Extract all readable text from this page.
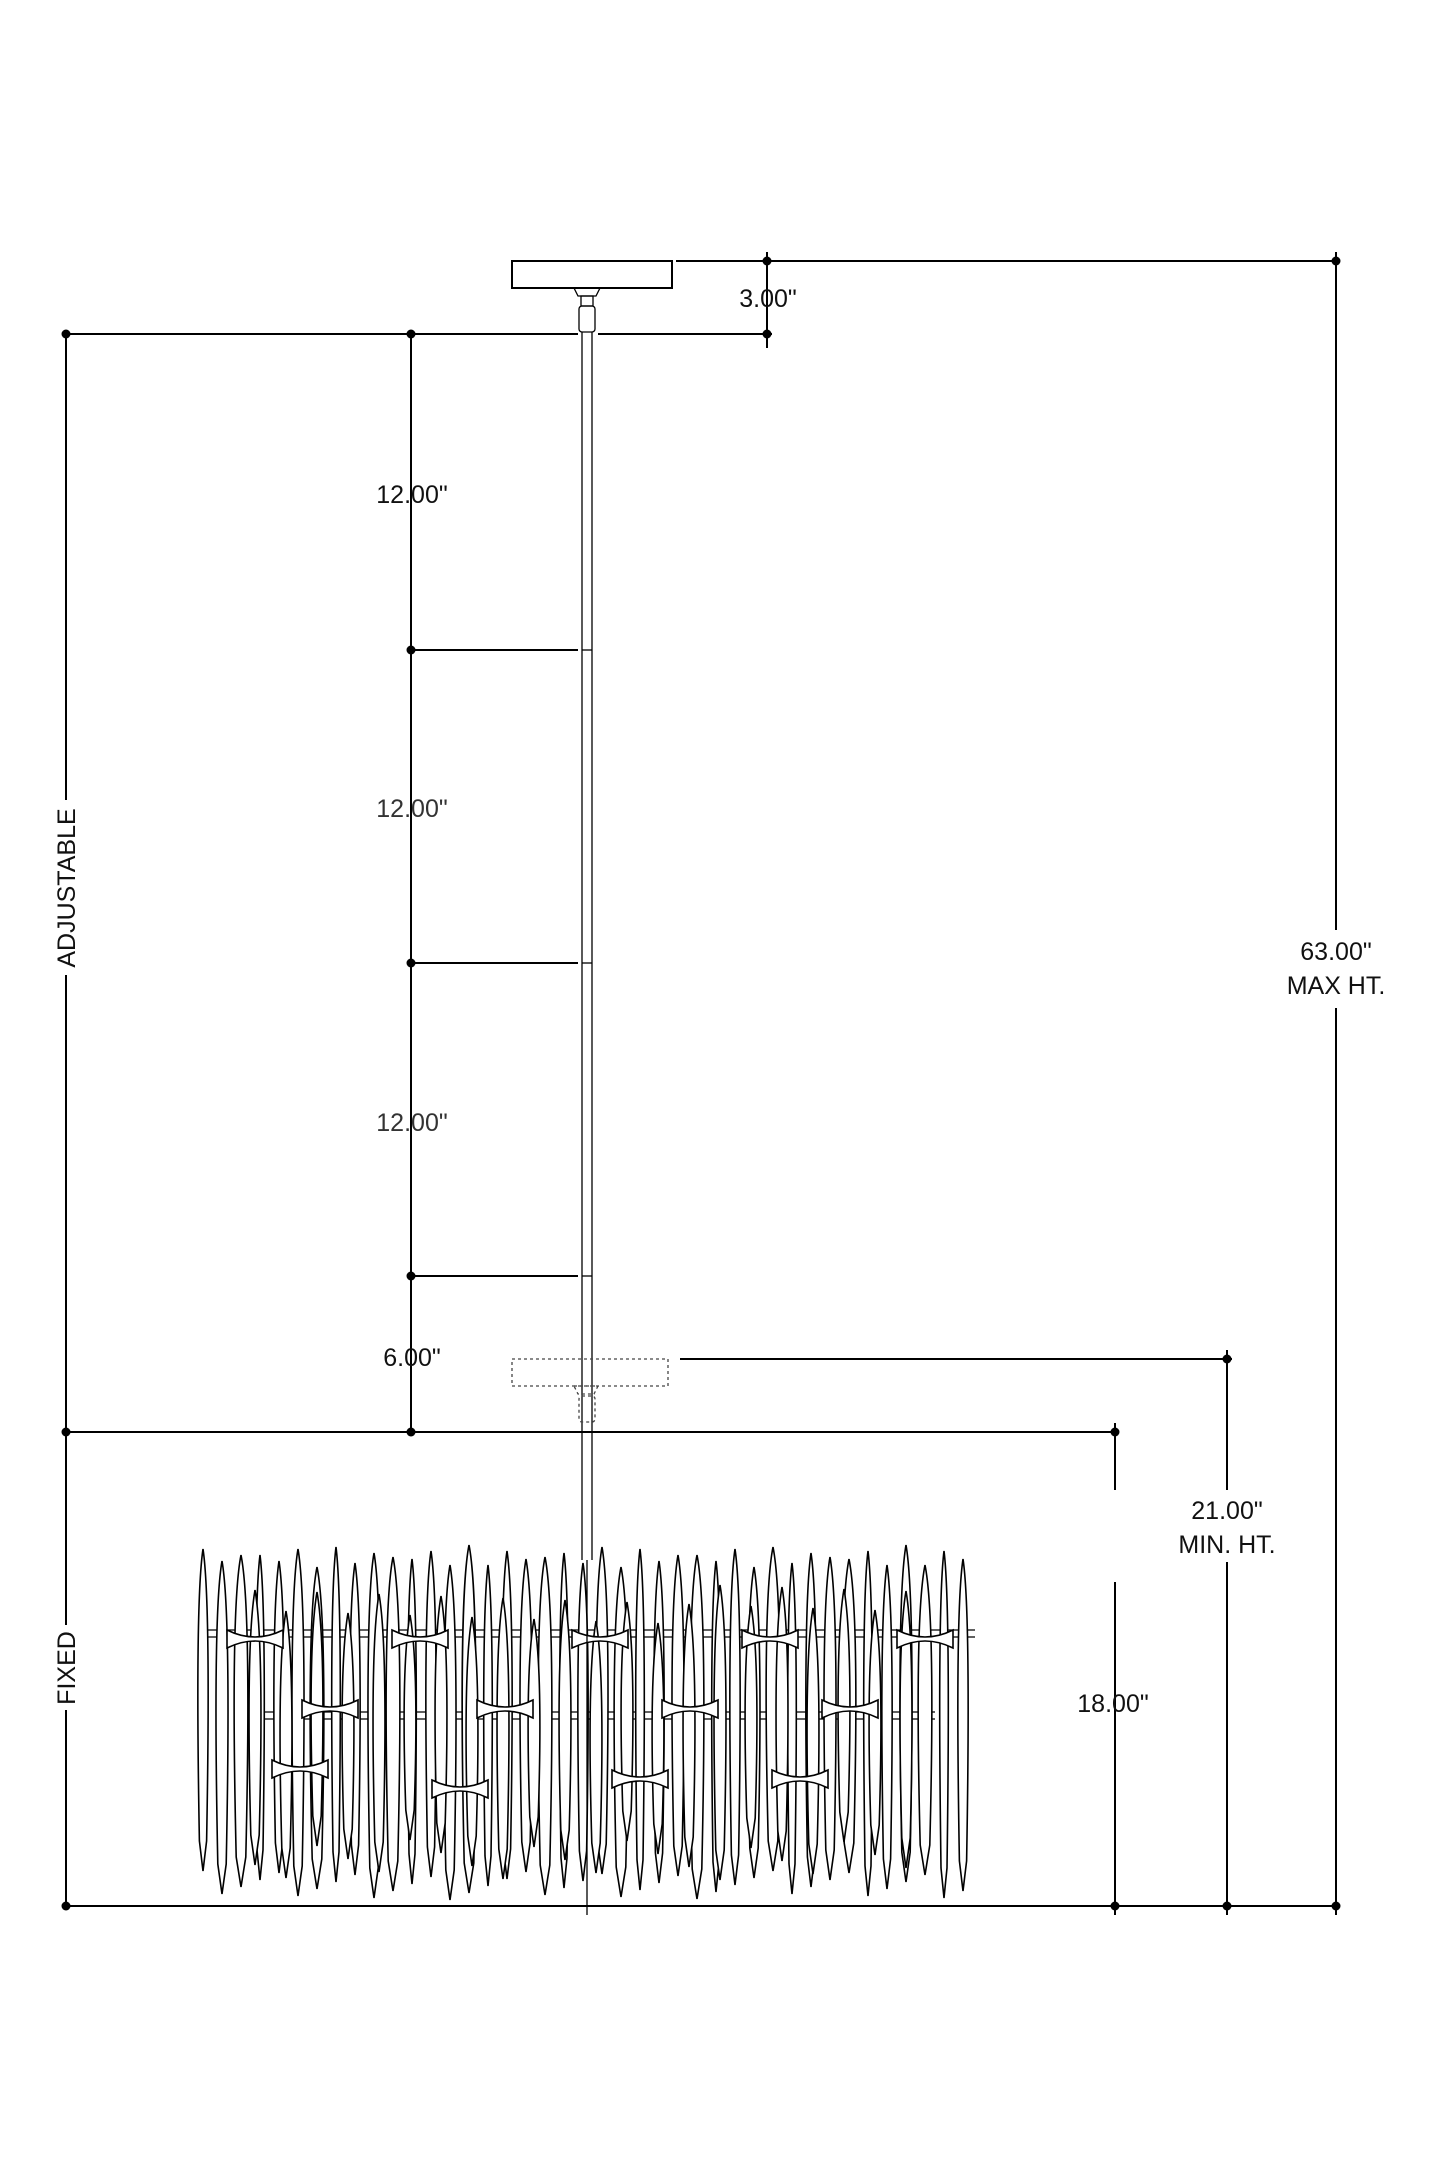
3.00"
12.00"
12.00"
12.00"
6.00"
ADJUSTABLE
FIXED	18.00"
63.00"
MAX HT.
21.00"
MIN. HT.
